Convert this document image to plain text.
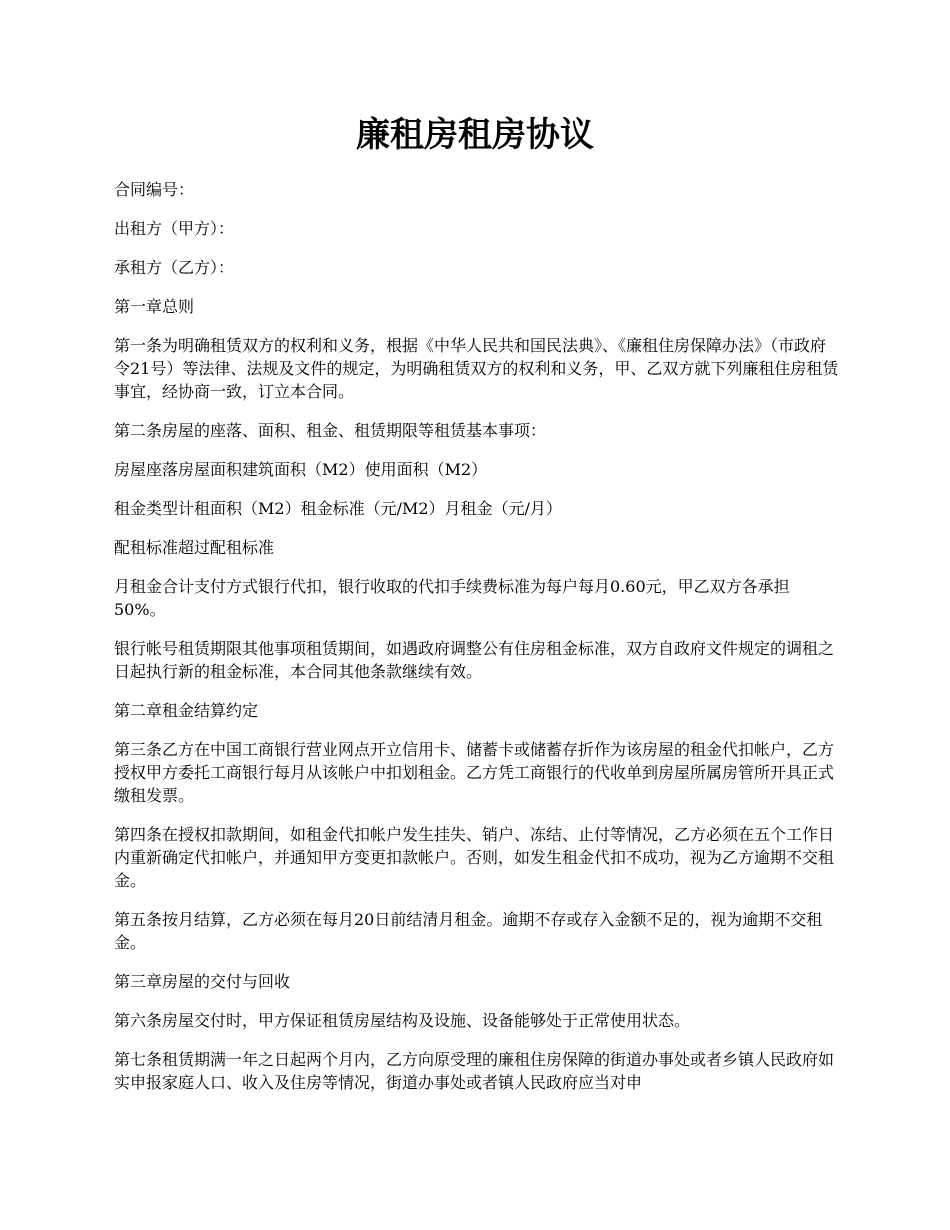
廉租房租房协议

合同编号：

出租方（甲方）：

承租方（乙方）：

第一章总则

第一条为明确租赁双方的权利和义务，根据《中华人民共和国民法典》、《廉租住房保障办法》（市政府令21号）等法律、法规及文件的规定，为明确租赁双方的权利和义务，甲、乙双方就下列廉租住房租赁事宜，经协商一致，订立本合同。

第二条房屋的座落、面积、租金、租赁期限等租赁基本事项：

房屋座落房屋面积建筑面积（M2）使用面积（M2）

租金类型计租面积（M2）租金标准（元/M2）月租金（元/月）

配租标准超过配租标准

月租金合计支付方式银行代扣，银行收取的代扣手续费标准为每户每月0.60元，甲乙双方各承担50%。

银行帐号租赁期限其他事项租赁期间，如遇政府调整公有住房租金标准，双方自政府文件规定的调租之日起执行新的租金标准，本合同其他条款继续有效。

第二章租金结算约定

第三条乙方在中国工商银行营业网点开立信用卡、储蓄卡或储蓄存折作为该房屋的租金代扣帐户，乙方授权甲方委托工商银行每月从该帐户中扣划租金。乙方凭工商银行的代收单到房屋所属房管所开具正式缴租发票。

第四条在授权扣款期间，如租金代扣帐户发生挂失、销户、冻结、止付等情况，乙方必须在五个工作日内重新确定代扣帐户，并通知甲方变更扣款帐户。否则，如发生租金代扣不成功，视为乙方逾期不交租金。

第五条按月结算，乙方必须在每月20日前结清月租金。逾期不存或存入金额不足的，视为逾期不交租金。

第三章房屋的交付与回收

第六条房屋交付时，甲方保证租赁房屋结构及设施、设备能够处于正常使用状态。

第七条租赁期满一年之日起两个月内，乙方向原受理的廉租住房保障的街道办事处或者乡镇人民政府如实申报家庭人口、收入及住房等情况，街道办事处或者镇人民政府应当对申
